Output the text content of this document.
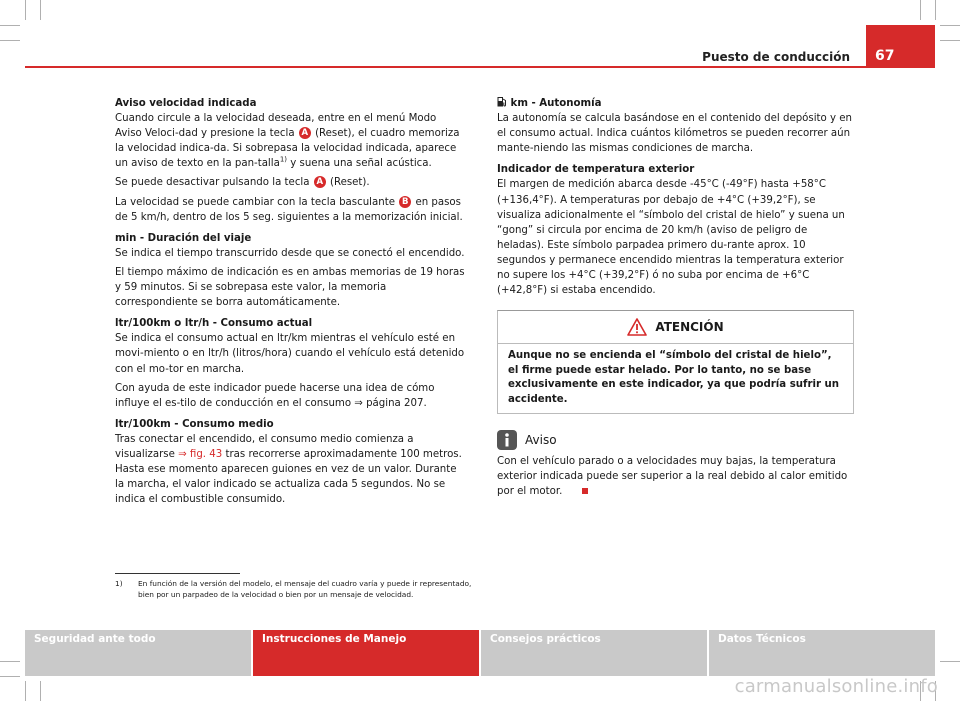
Puesto de conducción 67
Aviso velocidad indicada

Cuando circule a la velocidad deseada, entre en el menú Modo Aviso Veloci-dad y presione la tecla A (Reset), el cuadro memoriza la velocidad indica-da. Si sobrepasa la velocidad indicada, aparece un aviso de texto en la pan-talla$^{1)}$ y suena una señal acústica.

Se puede desactivar pulsando la tecla A (Reset).

La velocidad se puede cambiar con la tecla basculante B en pasos de 5 km/h, dentro de los 5 seg. siguientes a la memorización inicial.

min - Duración del viaje

Se indica el tiempo transcurrido desde que se conectó el encendido.

El tiempo máximo de indicación es en ambas memorias de 19 horas y 59 minutos. Si se sobrepasa este valor, la memoria correspondiente se borra automáticamente.

ltr/100km o ltr/h - Consumo actual

Se indica el consumo actual en ltr/km mientras el vehículo esté en movi-miento o en ltr/h (litros/hora) cuando el vehículo está detenido con el mo-tor en marcha.

Con ayuda de este indicador puede hacerse una idea de cómo influye el es-tilo de conducción en el consumo ⇒ página 207.

ltr/100km - Consumo medio

Tras conectar el encendido, el consumo medio comienza a visualizarse ⇒ fig. 43 tras recorrerse aproximadamente 100 metros. Hasta ese momento aparecen guiones en vez de un valor. Durante la marcha, el valor indicado se actualiza cada 5 segundos. No se indica el combustible consumido.

km - Autonomía

La autonomía se calcula basándose en el contenido del depósito y en el consumo actual. Indica cuántos kilómetros se pueden recorrer aún mante-niendo las mismas condiciones de marcha.

Indicador de temperatura exterior

El margen de medición abarca desde -45°C (-49°F) hasta +58°C (+136,4°F). A temperaturas por debajo de +4°C (+39,2°F), se visualiza adicionalmente el “símbolo del cristal de hielo” y suena un “gong” si circula por encima de 20 km/h (aviso de peligro de heladas). Este símbolo parpadea primero du-rante aprox. 10 segundos y permanece encendido mientras la temperatura exterior no supere los +4°C (+39,2°F) ó no suba por encima de +6°C (+42,8°F) si estaba encendido.

ATENCIÓN
Aunque no se encienda el “símbolo del cristal de hielo”, el firme puede estar helado. Por lo tanto, no se base exclusivamente en este indicador, ya que podría sufrir un accidente.
Aviso

Con el vehículo parado o a velocidades muy bajas, la temperatura exterior indicada puede ser superior a la real debido al calor emitido por el motor.

1) En función de la versión del modelo, el mensaje del cuadro varía y puede ir representado, bien por un parpadeo de la velocidad o bien por un mensaje de velocidad.
Seguridad ante todo	Instrucciones de Manejo	Consejos prácticos	Datos Técnicos
carmanualsonline.info
